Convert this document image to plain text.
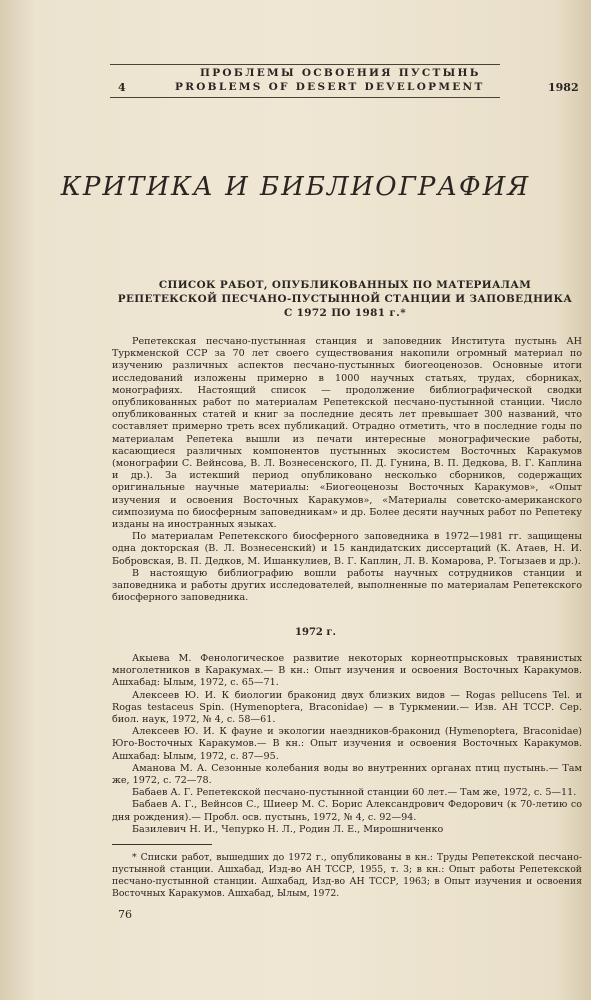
ПРОБЛЕМЫ ОСВОЕНИЯ ПУСТЫНЬ
4	PROBLEMS OF DESERT DEVELOPMENT	1982
КРИТИКА И БИБЛИОГРАФИЯ
СПИСОК РАБОТ, ОПУБЛИКОВАННЫХ ПО МАТЕРИАЛАМ
РЕПЕТЕКСКОЙ ПЕСЧАНО-ПУСТЫННОЙ СТАНЦИИ И ЗАПОВЕДНИКА
С 1972 ПО 1981 г.*

Репетекская песчано-пустынная станция и заповедник Института пустынь АН Туркменской ССР за 70 лет своего существования накопили огромный материал по изучению различных аспектов песчано-пустынных биогеоценозов. Основные итоги исследований изложены примерно в 1000 научных статьях, трудах, сборниках, монографиях. Настоящий список — продолжение библиографической сводки опубликованных работ по материалам Репетекской песчано-пустынной станции. Число опубликованных статей и книг за последние десять лет превышает 300 названий, что составляет примерно треть всех публикаций. Отрадно отметить, что в последние годы по материалам Репетека вышли из печати интересные монографические работы, касающиеся различных компонентов пустынных экосистем Восточных Каракумов (монографии С. Вейнсова, В. Л. Вознесенского, П. Д. Гунина, В. П. Дедкова, В. Г. Каплина и др.). За истекший период опубликовано несколько сборников, содержащих оригинальные научные материалы: «Биогеоценозы Восточных Каракумов», «Опыт изучения и освоения Восточных Каракумов», «Материалы советско-американского симпозиума по биосферным заповедникам» и др. Более десяти научных работ по Репетеку изданы на иностранных языках.

По материалам Репетекского биосферного заповедника в 1972—1981 гг. защищены одна докторская (В. Л. Вознесенский) и 15 кандидатских диссертаций (К. Атаев, Н. И. Бобровская, В. П. Дедков, М. Ишанкулиев, В. Г. Каплин, Л. В. Комарова, Р. Тогызаев и др.).

В настоящую библиографию вошли работы научных сотрудников станции и заповедника и работы других исследователей, выполненные по материалам Репетекского биосферного заповедника.

1972 г.

Акыева М. Фенологическое развитие некоторых корнеотпрысковых травянистых многолетников в Каракумах.— В кн.: Опыт изучения и освоения Восточных Каракумов. Ашхабад: Ылым, 1972, с. 65—71.

Алексеев Ю. И. К биологии браконид двух близких видов — Rogas pellucens Tel. и Rogas testaceus Spin. (Hymenoptera, Braconidae) — в Туркмении.— Изв. АН ТССР. Сер. биол. наук, 1972, № 4, с. 58—61.

Алексеев Ю. И. К фауне и экологии наездников-браконид (Hymenoptera, Braconidae) Юго-Восточных Каракумов.— В кн.: Опыт изучения и освоения Восточных Каракумов. Ашхабад: Ылым, 1972, с. 87—95.

Аманова М. А. Сезонные колебания воды во внутренних органах птиц пустынь.— Там же, 1972, с. 72—78.

Бабаев А. Г. Репетекской песчано-пустынной станции 60 лет.— Там же, 1972, с. 5—11.

Бабаев А. Г., Вейнсов С., Шиеер М. С. Борис Александрович Федорович (к 70-летию со дня рождения).— Пробл. осв. пустынь, 1972, № 4, с. 92—94.

Базилевич Н. И., Чепурко Н. Л., Родин Л. Е., Мирошниченко

* Списки работ, вышедших до 1972 г., опубликованы в кн.: Труды Репетекской песчано-пустынной станции. Ашхабад, Изд-во АН ТССР, 1955, т. 3; в кн.: Опыт работы Репетекской песчано-пустынной станции. Ашхабад, Изд-во АН ТССР, 1963; в Опыт изучения и освоения Восточных Каракумов. Ашхабад, Ылым, 1972.

76
